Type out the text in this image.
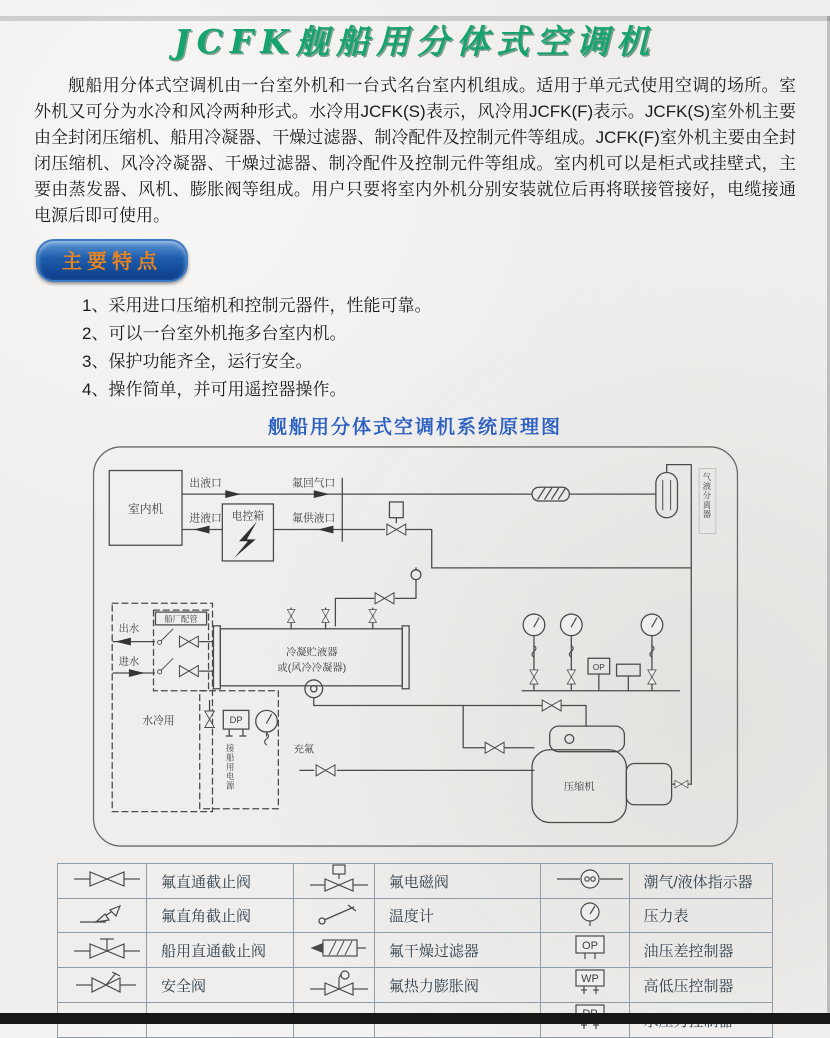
JCFK舰船用分体式空调机

舰船用分体式空调机由一台室外机和一台式名台室内机组成。适用于单元式使用空调的场所。室外机又可分为水冷和风冷两种形式。水冷用JCFK(S)表示，风冷用JCFK(F)表示。JCFK(S)室外机主要由全封闭压缩机、船用冷凝器、干燥过滤器、制冷配件及控制元件等组成。JCFK(F)室外机主要由全封闭压缩机、风冷冷凝器、干燥过滤器、制冷配件及控制元件等组成。室内机可以是柜式或挂壁式，主要由蒸发器、风机、膨胀阀等组成。用户只要将室内外机分别安装就位后再将联接管接好，电缆接通电源后即可使用。

主要特点
1、采用进口压缩机和控制元器件，性能可靠。
2、可以一台室外机拖多台室内机。
3、保护功能齐全，运行安全。
4、操作简单，并可用遥控器操作。
舰船用分体式空调机系统原理图
室内机
出液口
进液口 电控箱
氟回气口
氟供液口	气液分离器
冷凝贮液器
或(风冷冷凝器)
出水
进水
船厂配管
水冷用	DP
接船用电源	充氟
OP
压缩机
	氟直通截止阀		氟电磁阀		潮气/液体指示器
	氟直角截止阀		温度计		压力表
	船用直通截止阀		氟干燥过滤器	OP	油压差控制器
	安全阀		氟热力膨胀阀	WP	高低压控制器
